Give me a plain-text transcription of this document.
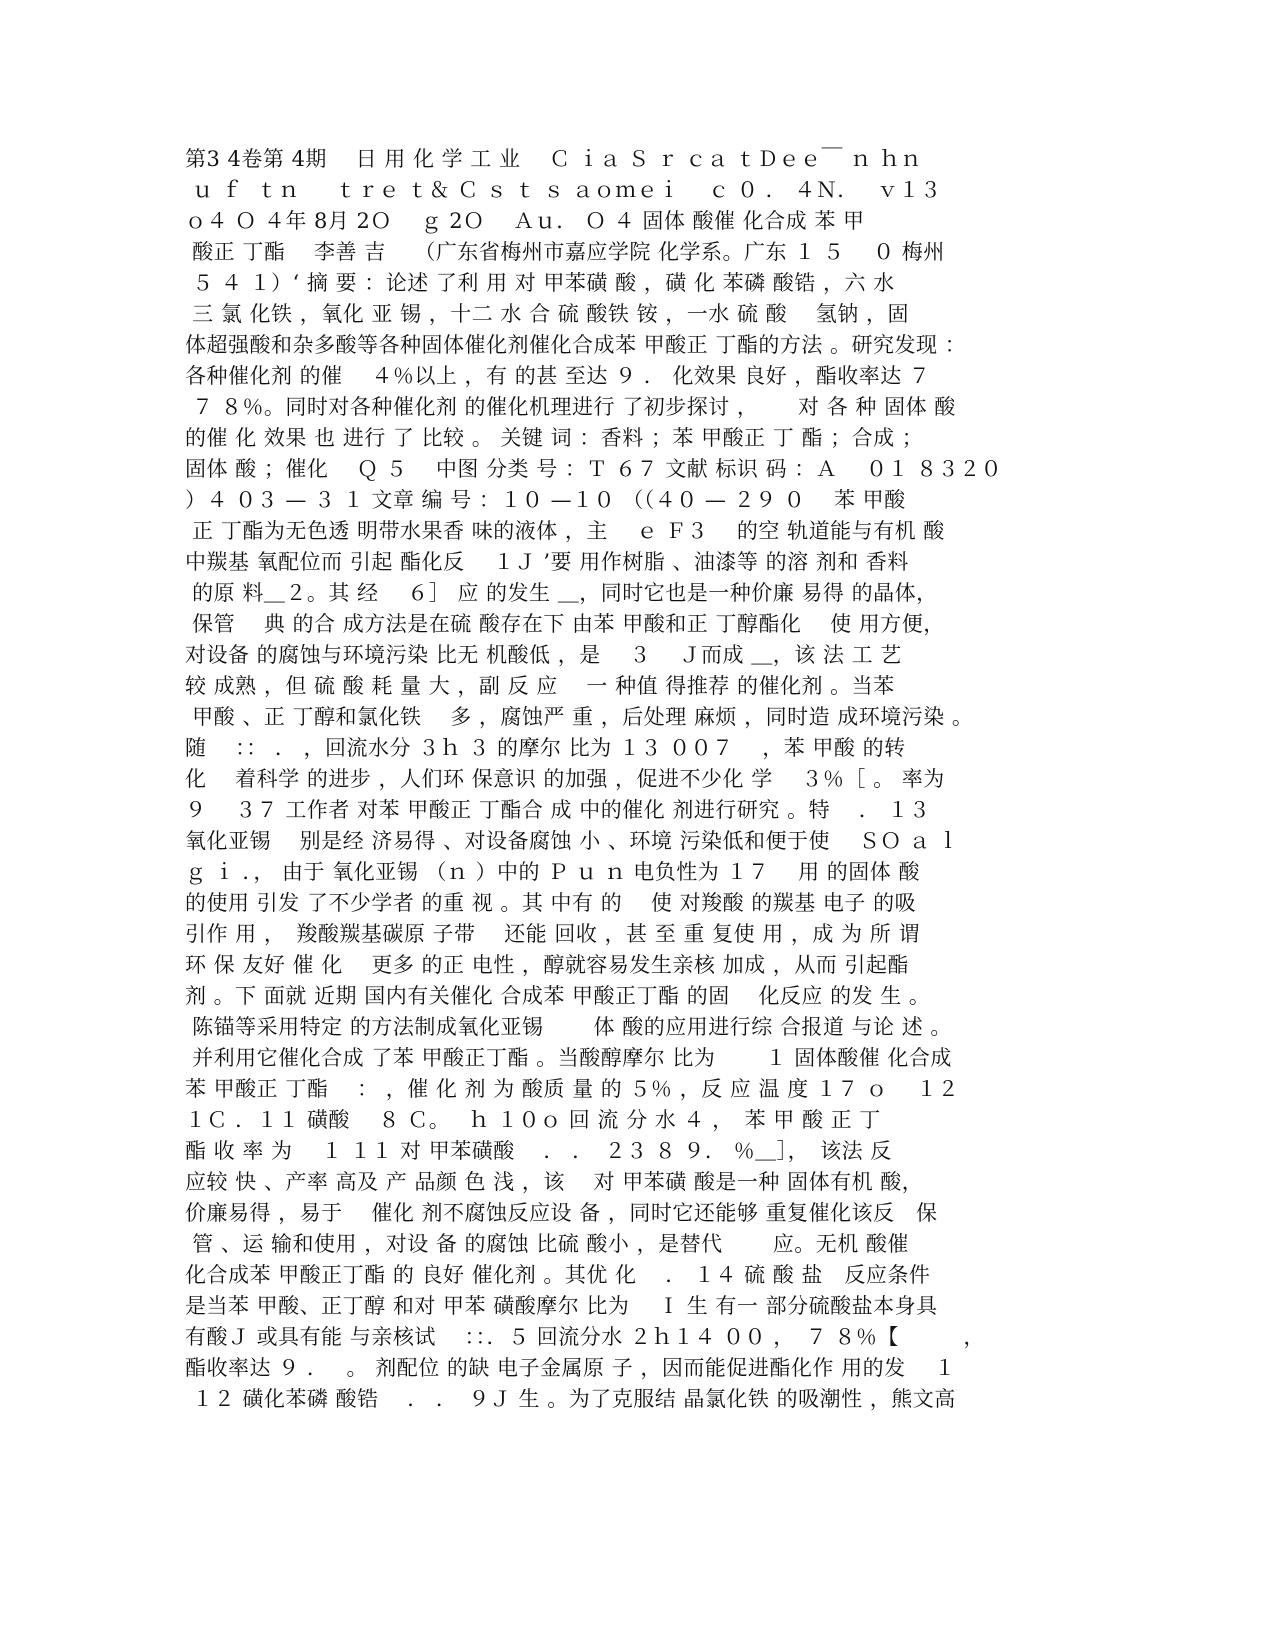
第3 4卷第 4期　 日 用 化 学 工 业　 Ｃ ｉａ Ｓ ｒ ｃａ ｔＤｅｅ￣ ｎ ｈｎ
ｕ ｆ  ｔｎ　  ｔｒｅ ｔ＆ Ｃ ｓ ｔ ｓ ａｏｍｅｉ　 ｃ ０ ． ４Ｎ．　 ｖ１３
ｏ４ Ｏ ４年 8月 2Ｏ　 ｇ 2Ｏ　 Ａｕ． Ｏ ４ 固体 酸催 化合成 苯 甲
酸正 丁酯　 李善 吉　 （广东省梅州市嘉应学院 化学系。广东 １ ５　 ０ 梅州
５ ４ １）‘ 摘 要 ：论述 了利 用 对 甲苯磺 酸 ，磺 化 苯磷 酸锆 ，六 水
三 氯 化铁 ，氧化 亚 锡 ，十二 水 合 硫 酸铁 铵 ，一水 硫 酸　 氢钠 ，固
体超强酸和杂多酸等各种固体催化剂催化合成苯 甲酸正 丁酯的方法 。研究发现 ：
各种催化剂 的催　 ４％以上 ，有 的甚 至达 ９ ． 化效果 良好 ，酯收率达 ７
７ ８％。同时对各种催化剂 的催化机理进行 了初步探讨 ，　　 对 各 种 固体 酸
的催 化 效果 也 进行 了 比较 。 关键 词 ：香料 ；苯 甲酸正 丁 酯 ；合成 ；
固体 酸 ；催化　 Ｑ ５　 中图 分类 号 ：Ｔ ６７ 文献 标识 码 ：Ａ　 ０１ ８３２０
）４ ０３ — ３ １ 文章 编 号 ：１０ —１０ （（４０ — ２９ ０　 苯 甲酸
正 丁酯为无色透 明带水果香 味的液体 ，主　 ｅ Ｆ３　 的空 轨道能与有机 酸
中羰基 氧配位而 引起 酯化反　 １Ｊ ’要 用作树脂 、油漆等 的溶 剂和 香料
的原 料＿２。其 经　 ６］ 应 的发生 ＿，同时它也是一种价廉 易得 的晶体，
保管　 典 的合 成方法是在硫 酸存在下 由苯 甲酸和正 丁醇酯化　 使 用方便，
对设备 的腐蚀与环境污染 比无 机酸低 ，是　 ３　 Ｊ而成 ＿，该 法 工 艺
较 成熟 ，但 硫 酸 耗 量 大 ，副 反 应　 一 种值 得推荐 的催化剂 。当苯
甲酸 、正 丁醇和氯化铁　 多 ，腐蚀严 重 ，后处理 麻烦 ，同时造 成环境污染 。
随　 ：： ． ，回流水分 ３ｈ ３ 的摩尔 比为 １３ ００７　 ，苯 甲酸 的转
化　 着科学 的进步 ，人们环 保意识 的加强 ，促进不少化 学　 ３％［ 。 率为
９　 ３７ 工作者 对苯 甲酸正 丁酯合 成 中的催化 剂进行研究 。特　 ． １３
氧化亚锡　 别是经 济易得 、对设备腐蚀 小 、环境 污染低和便于使　 ＳＯ ａ ｌ
ｇ ｉ ．， 由于 氧化亚锡 （ｎ ）中的 Ｐ ｕ ｎ 电负性为 １７　 用 的固体 酸
的使用 引发 了不少学者 的重 视 。其 中有 的　 使 对羧酸 的羰基 电子 的吸
引作 用 ，　羧酸羰基碳原 子带　 还能 回收 ，甚 至 重 复使 用 ，成 为 所 谓
环 保 友好 催 化　 更多 的正 电性 ，醇就容易发生亲核 加成 ，从而 引起酯
剂 。下 面就 近期 国内有关催化 合成苯 甲酸正丁酯 的固　 化反应 的发 生 。
陈锚等采用特定 的方法制成氧化亚锡　　 体 酸的应用进行综 合报道 与论 述 。
并利用它催化合成 了苯 甲酸正丁酯 。当酸醇摩尔 比为　　 １ 固体酸催 化合成
苯 甲酸正 丁酯　 ： ，催 化 剂 为 酸质 量 的 ５％ ，反 应 温 度 １７ ｏ　 １２
１Ｃ ．１１ 磺酸　 ８ Ｃ。　 ｈ １０ｏ 回 流 分 水 ４ ，　苯 甲 酸 正 丁
酯 收 率 为　 １ １１ 对 甲苯磺酸　 ． ．　２３ ８ ９． ％＿］，　该法 反
应较 快 、产率 高及 产 品颜 色 浅 ，该　 对 甲苯磺 酸是一种 固体有机 酸，
价廉易得 ，易于　 催化 剂不腐蚀反应设 备 ，同时它还能够 重复催化该反　保
管 、运 输和使用 ，对设 备 的腐蚀 比硫 酸小 ，是替代　　 应。无机 酸催
化合成苯 甲酸正丁酯 的 良好 催化剂 。其优 化　 ． １４ 硫 酸 盐　反应条件
是当苯 甲酸、正丁醇 和对 甲苯 磺酸摩尔 比为　 Ｉ 生 有一 部分硫酸盐本身具
有酸Ｊ 或具有能 与亲核试　 ：：．５ 回流分水 ２ｈ１４ ００ ，　７ ８％【　　　，
酯收率达 ９ ．　 。 剂配位 的缺 电子金属原 子 ，因而能促进酯化作 用的发　 １
１２ 磺化苯磷 酸锆　 ． ．　９Ｊ 生 。为了克服结 晶氯化铁 的吸潮性 ，熊文高
